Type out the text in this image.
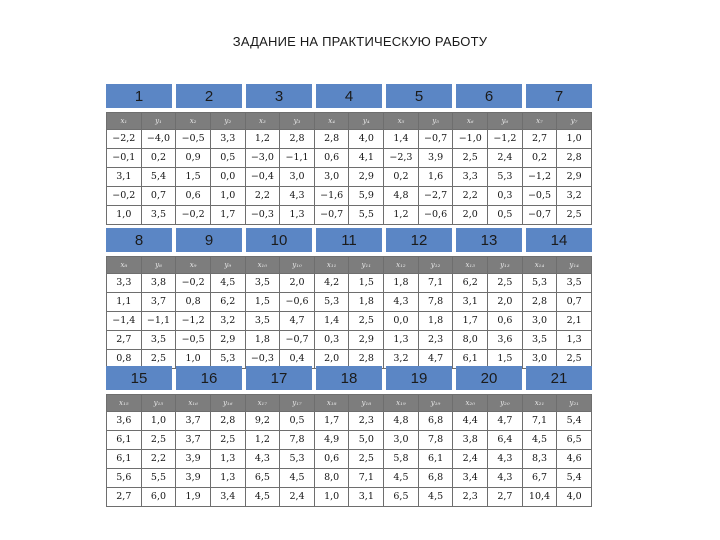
ЗАДАНИЕ НА ПРАКТИЧЕСКУЮ РАБОТУ
1	2	3	4	5	6	7
x₁	y₁	x₂	y₂	x₃	y₃	x₄	y₄	x₅	y₅	x₆	y₆	x₇	y₇
−2,2	−4,0	−0,5	3,3	1,2	2,8	2,8	4,0	1,4	−0,7	−1,0	−1,2	2,7	1,0
−0,1	0,2	0,9	0,5	−3,0	−1,1	0,6	4,1	−2,3	3,9	2,5	2,4	0,2	2,8
3,1	5,4	1,5	0,0	−0,4	3,0	3,0	2,9	0,2	1,6	3,3	5,3	−1,2	2,9
−0,2	0,7	0,6	1,0	2,2	4,3	−1,6	5,9	4,8	−2,7	2,2	0,3	−0,5	3,2
1,0	3,5	−0,2	1,7	−0,3	1,3	−0,7	5,5	1,2	−0,6	2,0	0,5	−0,7	2,5
8	9	10	11	12	13	14
x₈	y₈	x₉	y₉	x₁₀	y₁₀	x₁₁	y₁₁	x₁₂	y₁₂	x₁₃	y₁₃	x₁₄	y₁₄
3,3	3,8	−0,2	4,5	3,5	2,0	4,2	1,5	1,8	7,1	6,2	2,5	5,3	3,5
1,1	3,7	0,8	6,2	1,5	−0,6	5,3	1,8	4,3	7,8	3,1	2,0	2,8	0,7
−1,4	−1,1	−1,2	3,2	3,5	4,7	1,4	2,5	0,0	1,8	1,7	0,6	3,0	2,1
2,7	3,5	−0,5	2,9	1,8	−0,7	0,3	2,9	1,3	2,3	8,0	3,6	3,5	1,3
0,8	2,5	1,0	5,3	−0,3	0,4	2,0	2,8	3,2	4,7	6,1	1,5	3,0	2,5
15	16	17	18	19	20	21
x₁₅	y₁₅	x₁₆	y₁₆	x₁₇	y₁₇	x₁₈	y₁₈	x₁₉	y₁₉	x₂₀	y₂₀	x₂₁	y₂₁
3,6	1,0	3,7	2,8	9,2	0,5	1,7	2,3	4,8	6,8	4,4	4,7	7,1	5,4
6,1	2,5	3,7	2,5	1,2	7,8	4,9	5,0	3,0	7,8	3,8	6,4	4,5	6,5
6,1	2,2	3,9	1,3	4,3	5,3	0,6	2,5	5,8	6,1	2,4	4,3	8,3	4,6
5,6	5,5	3,9	1,3	6,5	4,5	8,0	7,1	4,5	6,8	3,4	4,3	6,7	5,4
2,7	6,0	1,9	3,4	4,5	2,4	1,0	3,1	6,5	4,5	2,3	2,7	10,4	4,0
